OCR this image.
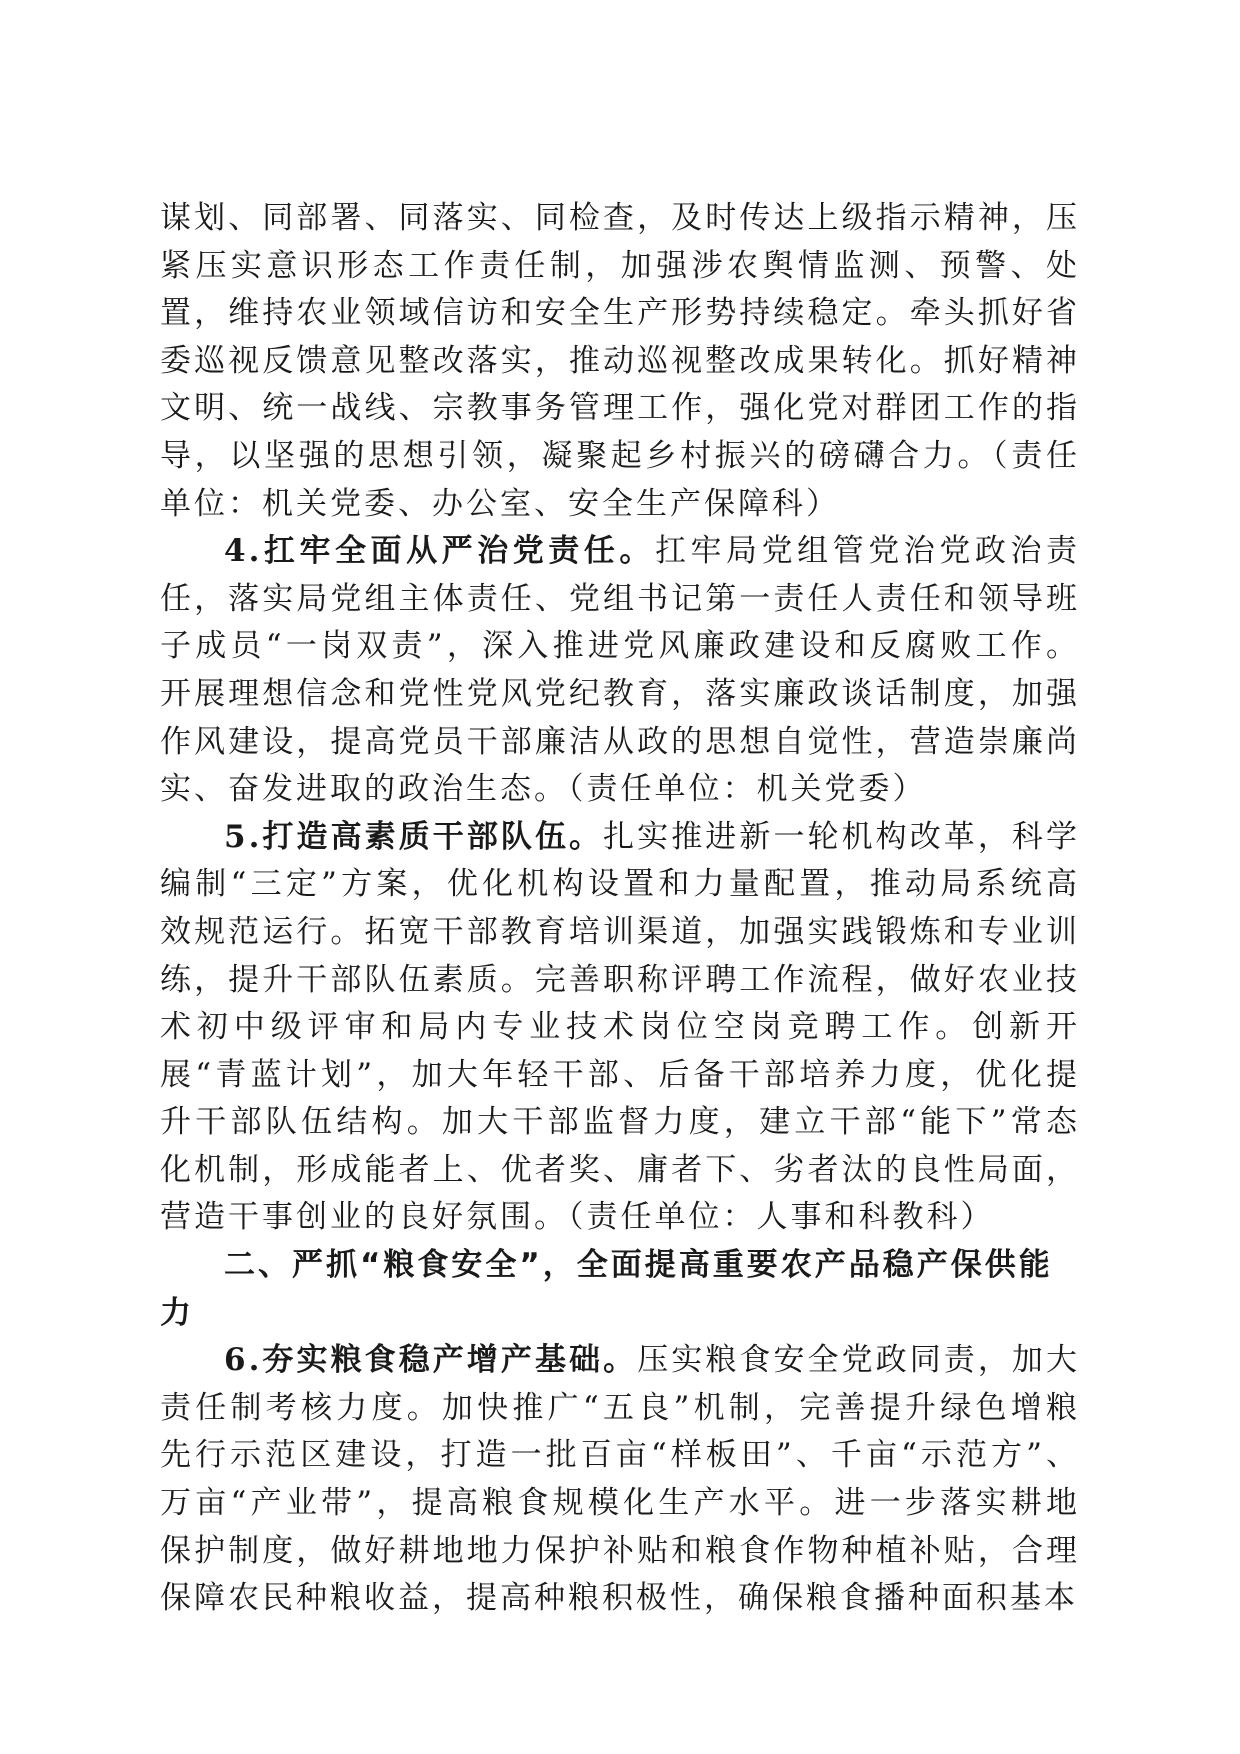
谋划、同部署、同落实、同检查，及时传达上级指示精神，压紧压实意识形态工作责任制，加强涉农舆情监测、预警、处置，维持农业领域信访和安全生产形势持续稳定。牵头抓好省委巡视反馈意见整改落实，推动巡视整改成果转化。抓好精神文明、统一战线、宗教事务管理工作，强化党对群团工作的指导，以坚强的思想引领，凝聚起乡村振兴的磅礴合力。（责任单位：机关党委、办公室、安全生产保障科）

4.扛牢全面从严治党责任。扛牢局党组管党治党政治责任，落实局党组主体责任、党组书记第一责任人责任和领导班子成员“一岗双责”，深入推进党风廉政建设和反腐败工作。开展理想信念和党性党风党纪教育，落实廉政谈话制度，加强作风建设，提高党员干部廉洁从政的思想自觉性，营造崇廉尚实、奋发进取的政治生态。（责任单位：机关党委）

5.打造高素质干部队伍。扎实推进新一轮机构改革，科学编制“三定”方案，优化机构设置和力量配置，推动局系统高效规范运行。拓宽干部教育培训渠道，加强实践锻炼和专业训练，提升干部队伍素质。完善职称评聘工作流程，做好农业技术初中级评审和局内专业技术岗位空岗竞聘工作。创新开展“青蓝计划”，加大年轻干部、后备干部培养力度，优化提升干部队伍结构。加大干部监督力度，建立干部“能下”常态化机制，形成能者上、优者奖、庸者下、劣者汰的良性局面，营造干事创业的良好氛围。（责任单位：人事和科教科）

二、严抓“粮食安全”，全面提高重要农产品稳产保供能力

6.夯实粮食稳产增产基础。压实粮食安全党政同责，加大责任制考核力度。加快推广“五良”机制，完善提升绿色增粮先行示范区建设，打造一批百亩“样板田”、千亩“示范方”、万亩“产业带”，提高粮食规模化生产水平。进一步落实耕地保护制度，做好耕地地力保护补贴和粮食作物种植补贴，合理保障农民种粮收益，提高种粮积极性，确保粮食播种面积基本
